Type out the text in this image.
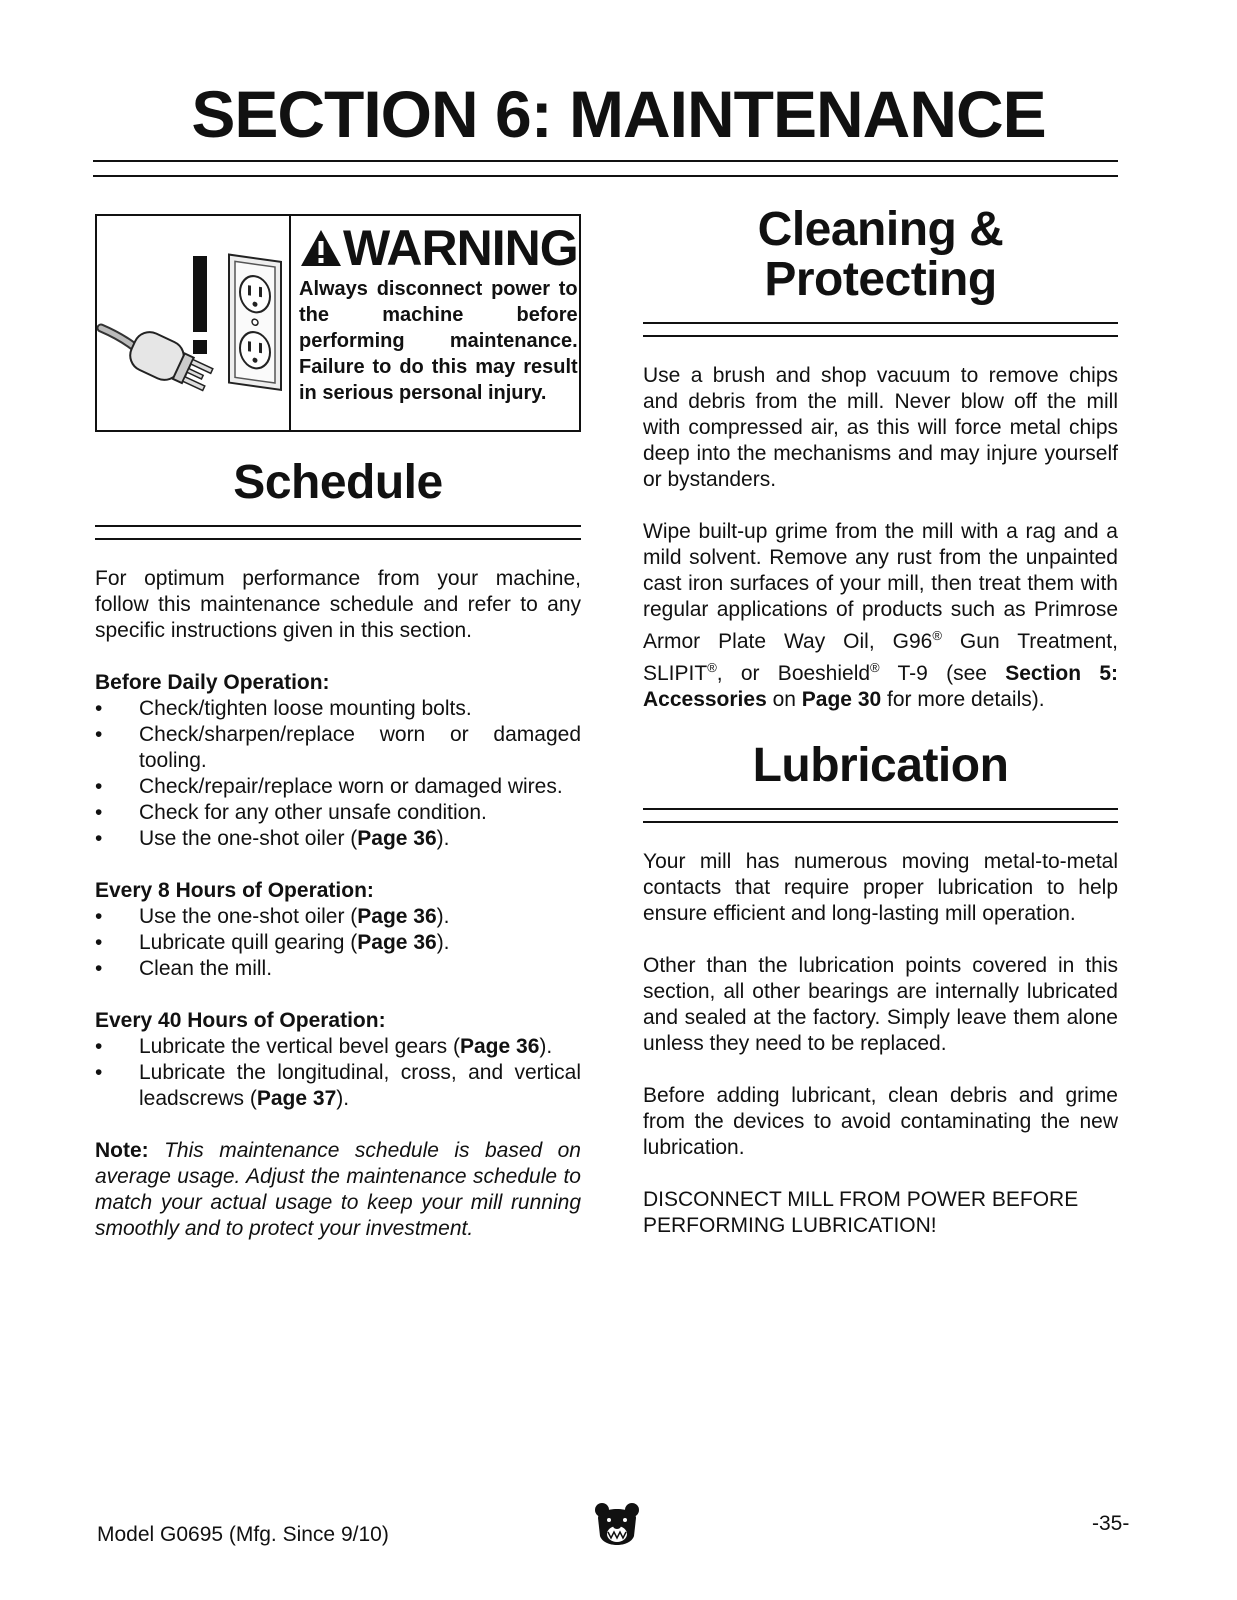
SECTION 6: MAINTENANCE
WARNING

Always disconnect power to the machine before performing maintenance. Failure to do this may result in serious personal injury.

Schedule

For optimum performance from your machine, follow this maintenance schedule and refer to any specific instructions given in this section.

Before Daily Operation:

• Check/tighten loose mounting bolts.
• Check/sharpen/replace worn or damaged tooling.
• Check/repair/replace worn or damaged wires.
• Check for any other unsafe condition.
• Use the one-shot oiler (Page 36).

Every 8 Hours of Operation:

• Use the one-shot oiler (Page 36).
• Lubricate quill gearing (Page 36).
• Clean the mill.

Every 40 Hours of Operation:

• Lubricate the vertical bevel gears (Page 36).
• Lubricate the longitudinal, cross, and vertical leadscrews (Page 37).

Note: This maintenance schedule is based on average usage. Adjust the maintenance schedule to match your actual usage to keep your mill running smoothly and to protect your investment.

Cleaning &
Protecting

Use a brush and shop vacuum to remove chips and debris from the mill. Never blow off the mill with compressed air, as this will force metal chips deep into the mechanisms and may injure yourself or bystanders.

Wipe built-up grime from the mill with a rag and a mild solvent. Remove any rust from the unpainted cast iron surfaces of your mill, then treat them with regular applications of products such as Primrose Armor Plate Way Oil, G96® Gun Treatment, SLIPIT®, or Boeshield® T-9 (see Section 5: Accessories on Page 30 for more details).

Lubrication

Your mill has numerous moving metal-to-metal contacts that require proper lubrication to help ensure efficient and long-lasting mill operation.

Other than the lubrication points covered in this section, all other bearings are internally lubricated and sealed at the factory. Simply leave them alone unless they need to be replaced.

Before adding lubricant, clean debris and grime from the devices to avoid contaminating the new lubrication.

DISCONNECT MILL FROM POWER BEFORE PERFORMING LUBRICATION!

Model G0695 (Mfg. Since 9/10)	-35-
